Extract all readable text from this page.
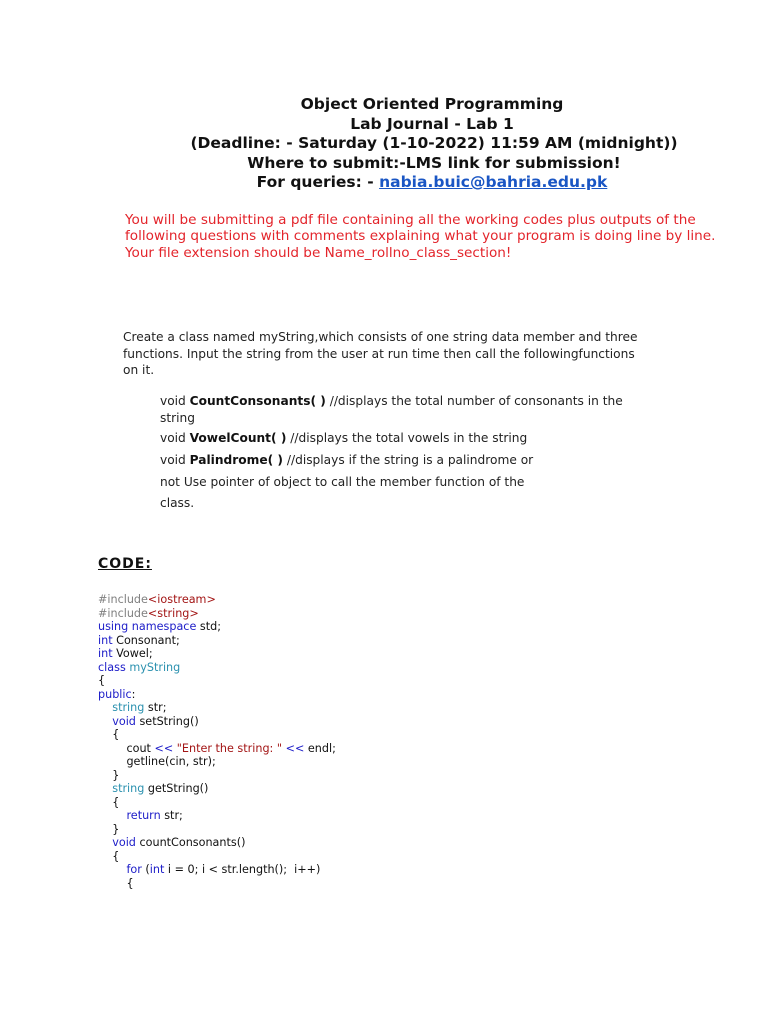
Object Oriented Programming
Lab Journal - Lab 1
(Deadline: - Saturday (1-10-2022) 11:59 AM (midnight))
Where to submit:-LMS link for submission!
For queries: - nabia.buic@bahria.edu.pk
You will be submitting a pdf file containing all the working codes plus outputs of the
following questions with comments explaining what your program is doing line by line.
Your file extension should be Name_rollno_class_section!
Create a class named myString,which consists of one string data member and three
functions. Input the string from the user at run time then call the followingfunctions
on it.
void CountConsonants( ) //displays the total number of consonants in the
string
void VowelCount( ) //displays the total vowels in the string
void Palindrome( ) //displays if the string is a palindrome or
not Use pointer of object to call the member function of the
class.
CODE:
#include<iostream>
#include<string>
using namespace std;
int Consonant;
int Vowel;
class myString
{
public:
	string str;
	void setString()
	{
		cout << "Enter the string: " << endl;
		getline(cin, str);
	}
	string getString()
	{
		return str;
	}
	void countConsonants()
	{
		for (int i = 0; i < str.length();  i++)
		{
